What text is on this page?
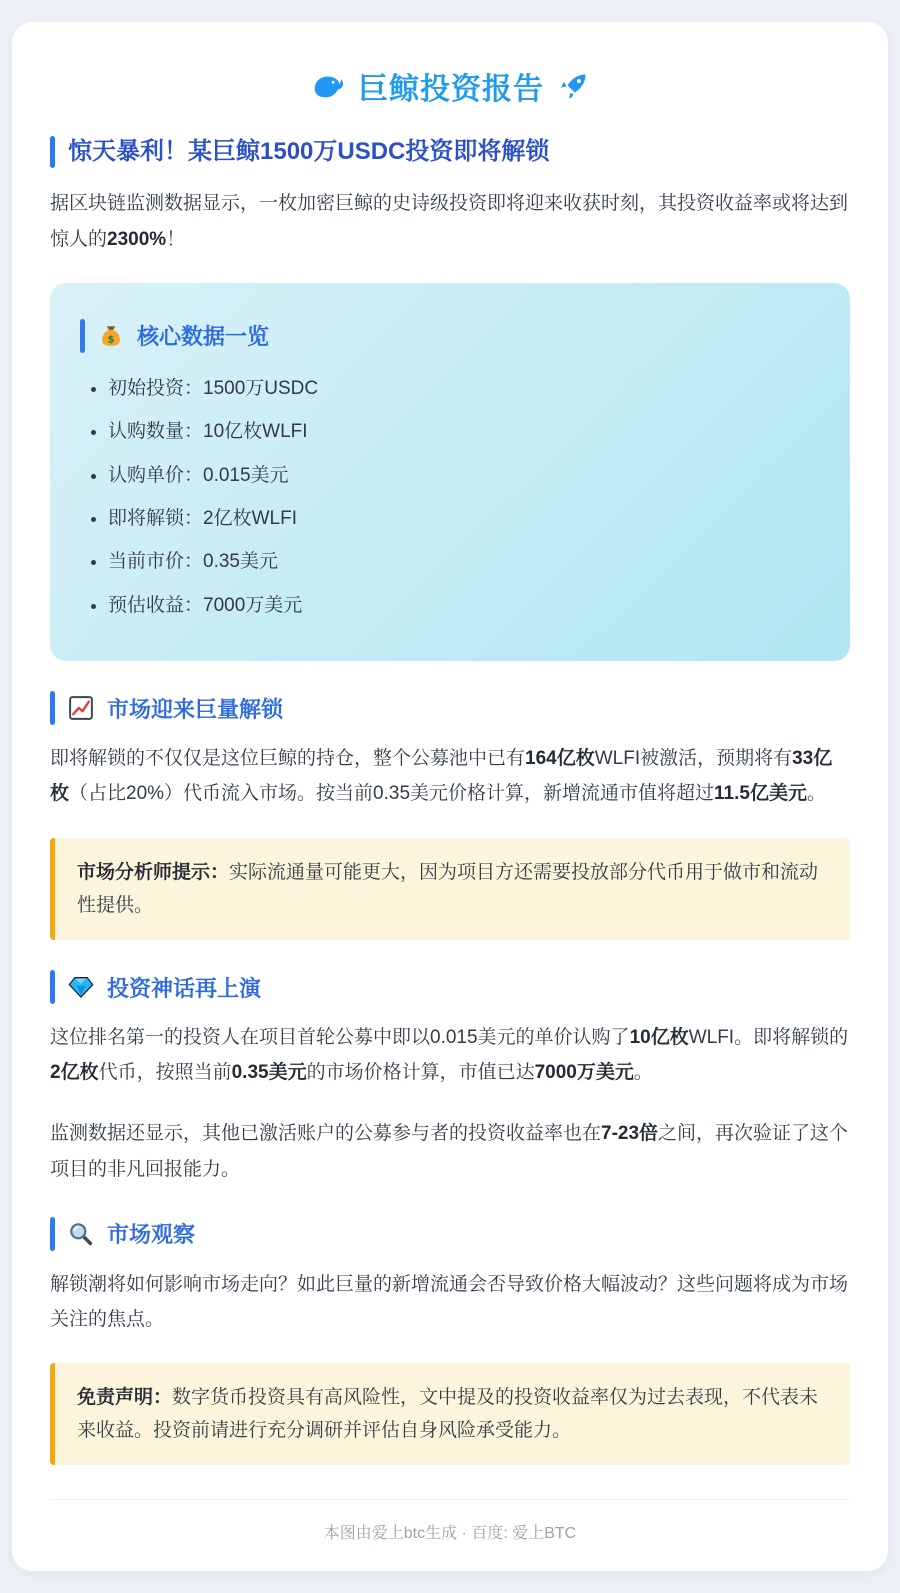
巨鲸投资报告
惊天暴利！某巨鲸1500万USDC投资即将解锁

据区块链监测数据显示，一枚加密巨鲸的史诗级投资即将迎来收获时刻，其投资收益率或将达到惊人的2300%！

$ 核心数据一览
• 初始投资：1500万USDC
• 认购数量：10亿枚WLFI
• 认购单价：0.015美元
• 即将解锁：2亿枚WLFI
• 当前市价：0.35美元
• 预估收益：7000万美元
市场迎来巨量解锁

即将解锁的不仅仅是这位巨鲸的持仓，整个公募池中已有164亿枚WLFI被激活，预期将有33亿枚（占比20%）代币流入市场。按当前0.35美元价格计算，新增流通市值将超过11.5亿美元。

市场分析师提示：实际流通量可能更大，因为项目方还需要投放部分代币用于做市和流动性提供。
投资神话再上演

这位排名第一的投资人在项目首轮公募中即以0.015美元的单价认购了10亿枚WLFI。即将解锁的2亿枚代币，按照当前0.35美元的市场价格计算，市值已达7000万美元。

监测数据还显示，其他已激活账户的公募参与者的投资收益率也在7-23倍之间，再次验证了这个项目的非凡回报能力。

市场观察

解锁潮将如何影响市场走向？如此巨量的新增流通会否导致价格大幅波动？这些问题将成为市场关注的焦点。

免责声明：数字货币投资具有高风险性，文中提及的投资收益率仅为过去表现，不代表未来收益。投资前请进行充分调研并评估自身风险承受能力。
本图由爱上btc生成 · 百度: 爱上BTC
